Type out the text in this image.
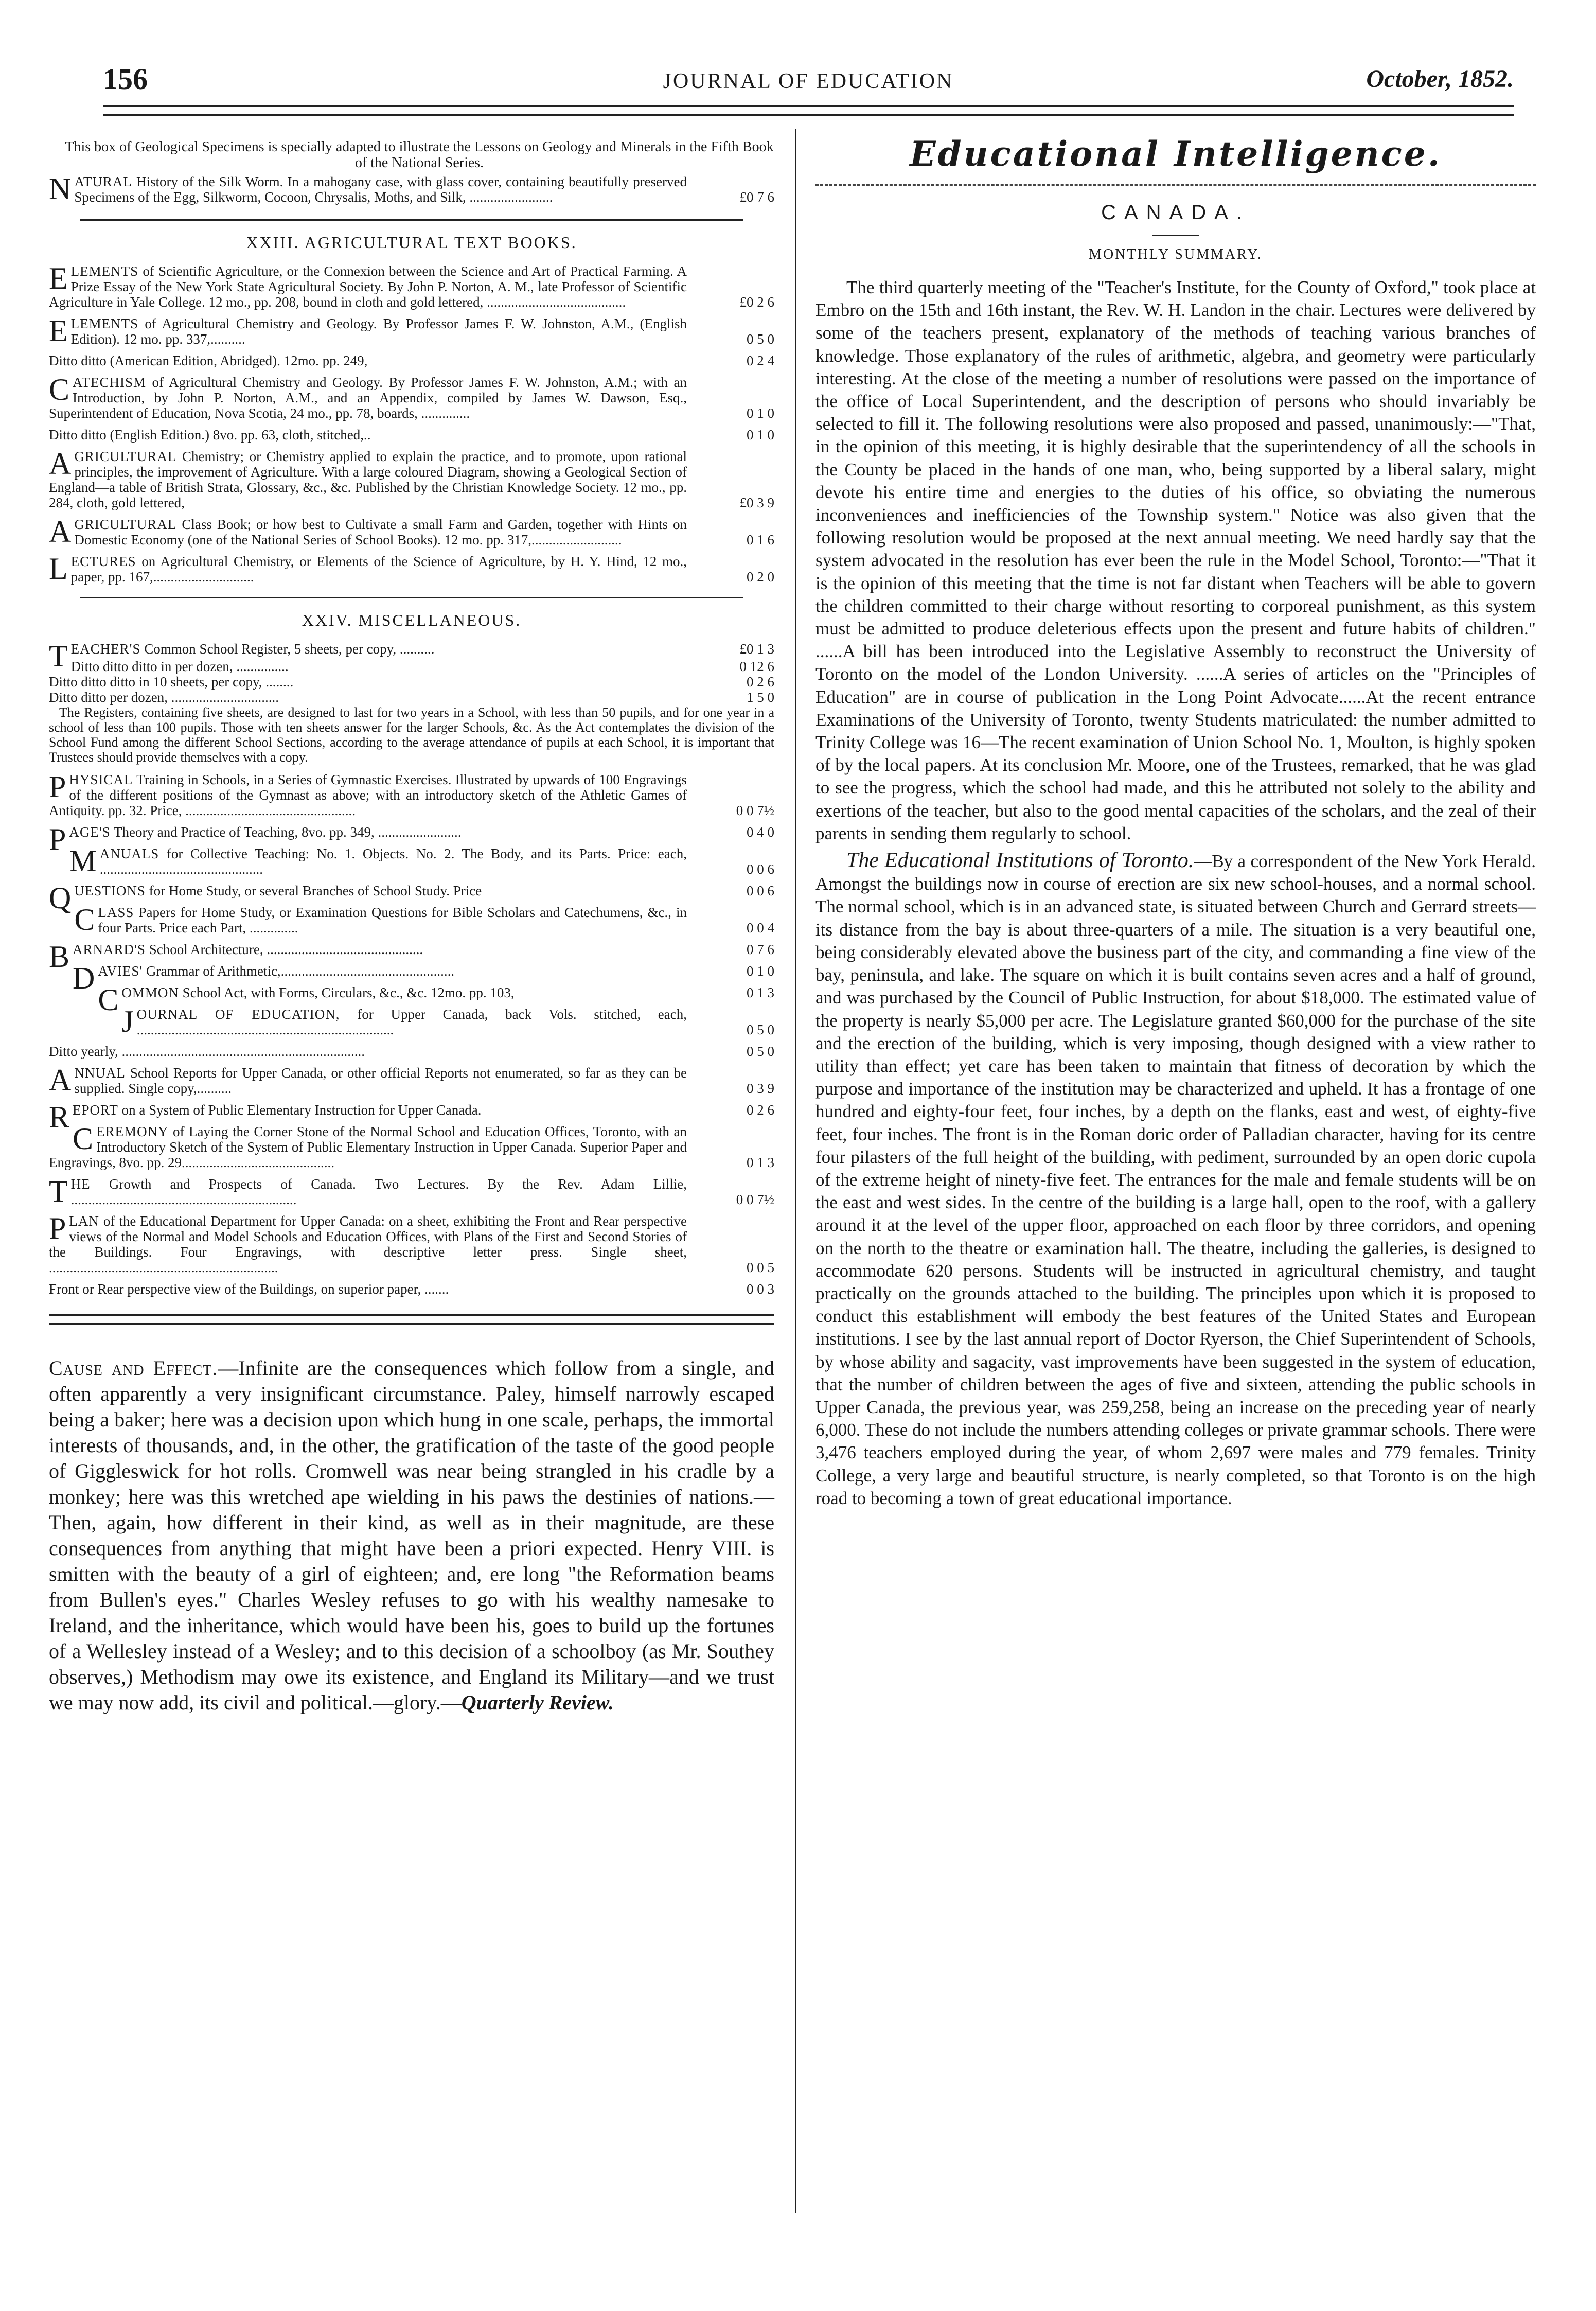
156	JOURNAL OF EDUCATION	October, 1852.
This box of Geological Specimens is specially adapted to illustrate the Lessons on Geology and Minerals in the Fifth Book of the National Series.
NATURAL History of the Silk Worm. In a mahogany case, with glass cover, containing beautifully preserved Specimens of the Egg, Silkworm, Cocoon, Chrysalis, Moths, and Silk, ........................	£0 7 6
XXIII. AGRICULTURAL TEXT BOOKS.
ELEMENTS of Scientific Agriculture, or the Connexion between the Science and Art of Practical Farming. A Prize Essay of the New York State Agricultural Society. By John P. Norton, A. M., late Professor of Scientific Agriculture in Yale College. 12 mo., pp. 208, bound in cloth and gold lettered, ........................................	£0 2 6
ELEMENTS of Agricultural Chemistry and Geology. By Professor James F. W. Johnston, A.M., (English Edition). 12 mo. pp. 337,..........	0 5 0
Ditto ditto (American Edition, Abridged). 12mo. pp. 249,	0 2 4
CATECHISM of Agricultural Chemistry and Geology. By Professor James F. W. Johnston, A.M.; with an Introduction, by John P. Norton, A.M., and an Appendix, compiled by James W. Dawson, Esq., Superintendent of Education, Nova Scotia, 24 mo., pp. 78, boards, ..............	0 1 0
Ditto ditto (English Edition.) 8vo. pp. 63, cloth, stitched,..	0 1 0
AGRICULTURAL Chemistry; or Chemistry applied to explain the practice, and to promote, upon rational principles, the improvement of Agriculture. With a large coloured Diagram, showing a Geological Section of England—a table of British Strata, Glossary, &c., &c. Published by the Christian Knowledge Society. 12 mo., pp. 284, cloth, gold lettered,	£0 3 9
AGRICULTURAL Class Book; or how best to Cultivate a small Farm and Garden, together with Hints on Domestic Economy (one of the National Series of School Books). 12 mo. pp. 317,..........................	0 1 6
LECTURES on Agricultural Chemistry, or Elements of the Science of Agriculture, by H. Y. Hind, 12 mo., paper, pp. 167,.............................	0 2 0
XXIV. MISCELLANEOUS.
TEACHER'S Common School Register, 5 sheets, per copy, ..........	£0 1 3
Ditto ditto ditto in per dozen, ...............	0 12 6
Ditto ditto ditto in 10 sheets, per copy, ........	0 2 6
Ditto ditto per dozen, ...............................	1 5 0
The Registers, containing five sheets, are designed to last for two years in a School, with less than 50 pupils, and for one year in a school of less than 100 pupils. Those with ten sheets answer for the larger Schools, &c. As the Act contemplates the division of the School Fund among the different School Sections, according to the average attendance of pupils at each School, it is important that Trustees should provide themselves with a copy.
PHYSICAL Training in Schools, in a Series of Gymnastic Exercises. Illustrated by upwards of 100 Engravings of the different positions of the Gymnast as above; with an introductory sketch of the Athletic Games of Antiquity. pp. 32. Price, .................................................	0 0 7½
PAGE'S Theory and Practice of Teaching, 8vo. pp. 349, ........................	0 4 0
MANUALS for Collective Teaching: No. 1. Objects. No. 2. The Body, and its Parts. Price: each, ...............................................	0 0 6
QUESTIONS for Home Study, or several Branches of School Study. Price	0 0 6
CLASS Papers for Home Study, or Examination Questions for Bible Scholars and Catechumens, &c., in four Parts. Price each Part, ..............	0 0 4
BARNARD'S School Architecture, .............................................	0 7 6
DAVIES' Grammar of Arithmetic,..................................................	0 1 0
COMMON School Act, with Forms, Circulars, &c., &c. 12mo. pp. 103,	0 1 3
JOURNAL OF EDUCATION, for Upper Canada, back Vols. stitched, each, ..........................................................................	0 5 0
Ditto yearly, ......................................................................	0 5 0
ANNUAL School Reports for Upper Canada, or other official Reports not enumerated, so far as they can be supplied. Single copy,..........	0 3 9
REPORT on a System of Public Elementary Instruction for Upper Canada.	0 2 6
CEREMONY of Laying the Corner Stone of the Normal School and Education Offices, Toronto, with an Introductory Sketch of the System of Public Elementary Instruction in Upper Canada. Superior Paper and Engravings, 8vo. pp. 29............................................	0 1 3
THE Growth and Prospects of Canada. Two Lectures. By the Rev. Adam Lillie, .................................................................	0 0 7½
PLAN of the Educational Department for Upper Canada: on a sheet, exhibiting the Front and Rear perspective views of the Normal and Model Schools and Education Offices, with Plans of the First and Second Stories of the Buildings. Four Engravings, with descriptive letter press. Single sheet, ..................................................................	0 0 5
Front or Rear perspective view of the Buildings, on superior paper, .......	0 0 3
Cause and Effect.—Infinite are the consequences which follow from a single, and often apparently a very insignificant circumstance. Paley, himself narrowly escaped being a baker; here was a decision upon which hung in one scale, perhaps, the immortal interests of thousands, and, in the other, the gratification of the taste of the good people of Giggleswick for hot rolls. Cromwell was near being strangled in his cradle by a monkey; here was this wretched ape wielding in his paws the destinies of nations.—Then, again, how different in their kind, as well as in their magnitude, are these consequences from anything that might have been a priori expected. Henry VIII. is smitten with the beauty of a girl of eighteen; and, ere long "the Reformation beams from Bullen's eyes." Charles Wesley refuses to go with his wealthy namesake to Ireland, and the inheritance, which would have been his, goes to build up the fortunes of a Wellesley instead of a Wesley; and to this decision of a schoolboy (as Mr. Southey observes,) Methodism may owe its existence, and England its Military—and we trust we may now add, its civil and political.—glory.—Quarterly Review.
Educational Intelligence.
CANADA.
MONTHLY SUMMARY.

The third quarterly meeting of the "Teacher's Institute, for the County of Oxford," took place at Embro on the 15th and 16th instant, the Rev. W. H. Landon in the chair. Lectures were delivered by some of the teachers present, explanatory of the methods of teaching various branches of knowledge. Those explanatory of the rules of arithmetic, algebra, and geometry were particularly interesting. At the close of the meeting a number of resolutions were passed on the importance of the office of Local Superintendent, and the description of persons who should invariably be selected to fill it. The following resolutions were also proposed and passed, unanimously:—"That, in the opinion of this meeting, it is highly desirable that the superintendency of all the schools in the County be placed in the hands of one man, who, being supported by a liberal salary, might devote his entire time and energies to the duties of his office, so obviating the numerous inconveniences and inefficiencies of the Township system." Notice was also given that the following resolution would be proposed at the next annual meeting. We need hardly say that the system advocated in the resolution has ever been the rule in the Model School, Toronto:—"That it is the opinion of this meeting that the time is not far distant when Teachers will be able to govern the children committed to their charge without resorting to corporeal punishment, as this system must be admitted to produce deleterious effects upon the present and future habits of children." ......A bill has been introduced into the Legislative Assembly to reconstruct the University of Toronto on the model of the London University. ......A series of articles on the "Principles of Education" are in course of publication in the Long Point Advocate......At the recent entrance Examinations of the University of Toronto, twenty Students matriculated: the number admitted to Trinity College was 16—The recent examination of Union School No. 1, Moulton, is highly spoken of by the local papers. At its conclusion Mr. Moore, one of the Trustees, remarked, that he was glad to see the progress, which the school had made, and this he attributed not solely to the ability and exertions of the teacher, but also to the good mental capacities of the scholars, and the zeal of their parents in sending them regularly to school.

The Educational Institutions of Toronto.—By a correspondent of the New York Herald. Amongst the buildings now in course of erection are six new school-houses, and a normal school. The normal school, which is in an advanced state, is situated between Church and Gerrard streets—its distance from the bay is about three-quarters of a mile. The situation is a very beautiful one, being considerably elevated above the business part of the city, and commanding a fine view of the bay, peninsula, and lake. The square on which it is built contains seven acres and a half of ground, and was purchased by the Council of Public Instruction, for about $18,000. The estimated value of the property is nearly $5,000 per acre. The Legislature granted $60,000 for the purchase of the site and the erection of the building, which is very imposing, though designed with a view rather to utility than effect; yet care has been taken to maintain that fitness of decoration by which the purpose and importance of the institution may be characterized and upheld. It has a frontage of one hundred and eighty-four feet, four inches, by a depth on the flanks, east and west, of eighty-five feet, four inches. The front is in the Roman doric order of Palladian character, having for its centre four pilasters of the full height of the building, with pediment, surrounded by an open doric cupola of the extreme height of ninety-five feet. The entrances for the male and female students will be on the east and west sides. In the centre of the building is a large hall, open to the roof, with a gallery around it at the level of the upper floor, approached on each floor by three corridors, and opening on the north to the theatre or examination hall. The theatre, including the galleries, is designed to accommodate 620 persons. Students will be instructed in agricultural chemistry, and taught practically on the grounds attached to the building. The principles upon which it is proposed to conduct this establishment will embody the best features of the United States and European institutions. I see by the last annual report of Doctor Ryerson, the Chief Superintendent of Schools, by whose ability and sagacity, vast improvements have been suggested in the system of education, that the number of children between the ages of five and sixteen, attending the public schools in Upper Canada, the previous year, was 259,258, being an increase on the preceding year of nearly 6,000. These do not include the numbers attending colleges or private grammar schools. There were 3,476 teachers employed during the year, of whom 2,697 were males and 779 females. Trinity College, a very large and beautiful structure, is nearly completed, so that Toronto is on the high road to becoming a town of great educational importance.
